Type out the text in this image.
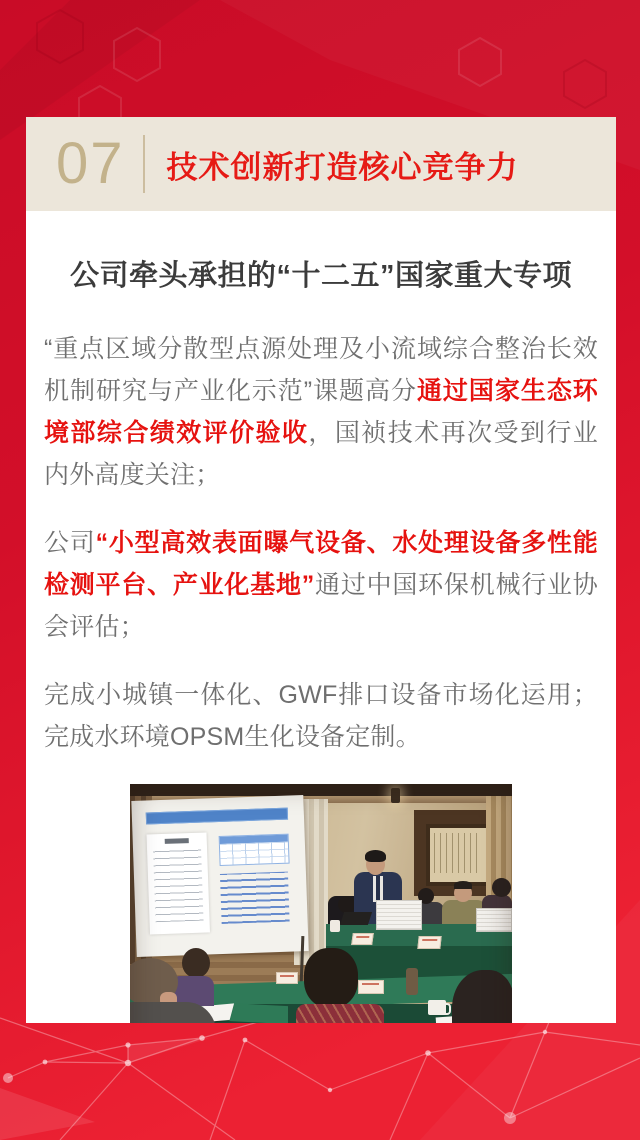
07 技术创新打造核心竞争力
公司牵头承担的“十二五”国家重大专项

“重点区域分散型点源处理及小流域综合整治长效机制研究与产业化示范”课题高分通过国家生态环境部综合绩效评价验收，国祯技术再次受到行业内外高度关注；

公司“小型高效表面曝气设备、水处理设备多性能检测平台、产业化基地”通过中国环保机械行业协会评估；

完成小城镇一体化、GWF排口设备市场化运用；完成水环境OPSM生化设备定制。
